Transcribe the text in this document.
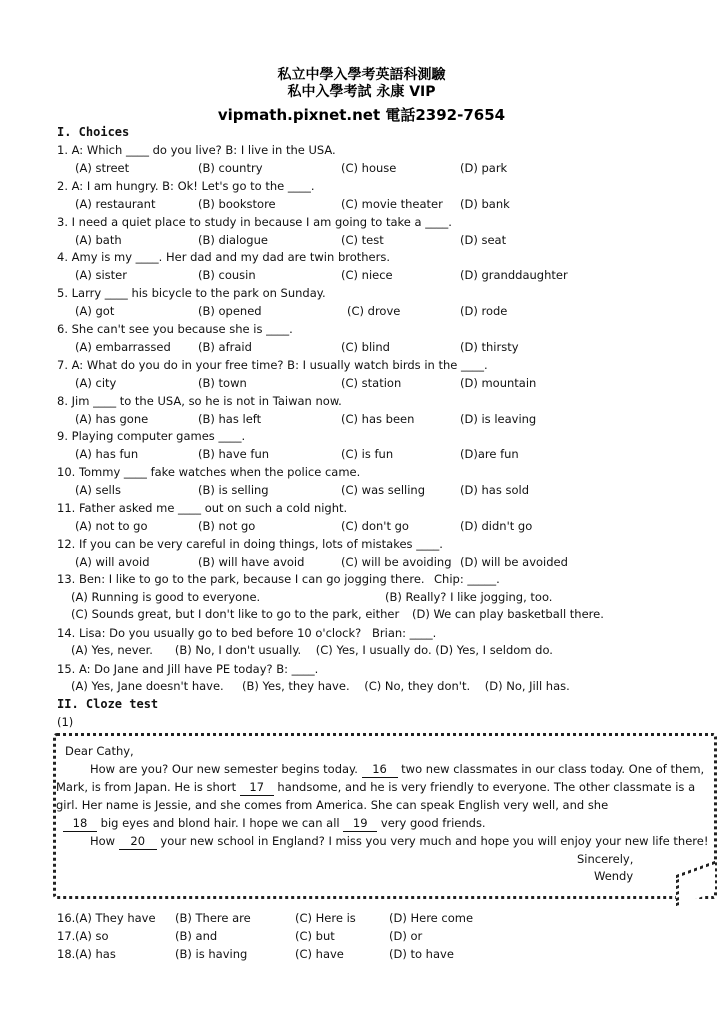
私立中學入學考英語科測驗
私中入學考試 永康 VIP
vipmath.pixnet.net 電話2392-7654
I. Choices
1. A: Which ____ do you live? B: I live in the USA.
(A) street	(B) country	(C) house	(D) park
2. A: I am hungry. B: Ok! Let's go to the ____.
(A) restaurant	(B) bookstore	(C) movie theater (D) bank
3. I need a quiet place to study in because I am going to take a ____.
(A) bath	(B) dialogue	(C) test	(D) seat
4. Amy is my ____. Her dad and my dad are twin brothers.
(A) sister	(B) cousin	(C) niece	(D) granddaughter
5. Larry ____ his bicycle to the park on Sunday.
(A) got	(B) opened	(C) drove	(D) rode
6. She can't see you because she is ____.
(A) embarrassed (B) afraid	(C) blind	(D) thirsty
7. A: What do you do in your free time? B: I usually watch birds in the ____.
(A) city	(B) town	(C) station	(D) mountain
8. Jim ____ to the USA, so he is not in Taiwan now.
(A) has gone	(B) has left	(C) has been	(D) is leaving
9. Playing computer games ____.
(A) has fun	(B) have fun	(C) is fun	(D)are fun
10. Tommy ____ fake watches when the police came.
(A) sells	(B) is selling	(C) was selling	(D) has sold
11. Father asked me ____ out on such a cold night.
(A) not to go	(B) not go	(C) don't go	(D) didn't go
12. If you can be very careful in doing things, lots of mistakes ____.
(A) will avoid	(B) will have avoid	(C) will be avoiding (D) will be avoided
13. Ben: I like to go to the park, because I can go jogging there. Chip: _____.
(A) Running is good to everyone.	(B) Really? I like jogging, too.
(C) Sounds great, but I don't like to go to the park, either (D) We can play basketball there.
14. Lisa: Do you usually go to bed before 10 o'clock? Brian: ____.
(A) Yes, never.      (B) No, I don't usually.    (C) Yes, I usually do. (D) Yes, I seldom do.
15. A: Do Jane and Jill have PE today? B: ____.
(A) Yes, Jane doesn't have.     (B) Yes, they have.    (C) No, they don't.    (D) No, Jill has.
II. Cloze test
(1)
Dear Cathy,
How are you? Our new semester begins today. 16 two new classmates in our class today. One of them,
Mark, is from Japan. He is short 17 handsome, and he is very friendly to everyone. The other classmate is a
girl. Her name is Jessie, and she comes from America. She can speak English very well, and she
18 big eyes and blond hair. I hope we can all 19 very good friends.
How 20 your new school in England? I miss you very much and hope you will enjoy your new life there!
Sincerely,
Wendy
16. (A) They have (B) There are	(C) Here is	(D) Here come
17. (A) so	(B) and	(C) but	(D) or
18. (A) has	(B) is having	(C) have	(D) to have
